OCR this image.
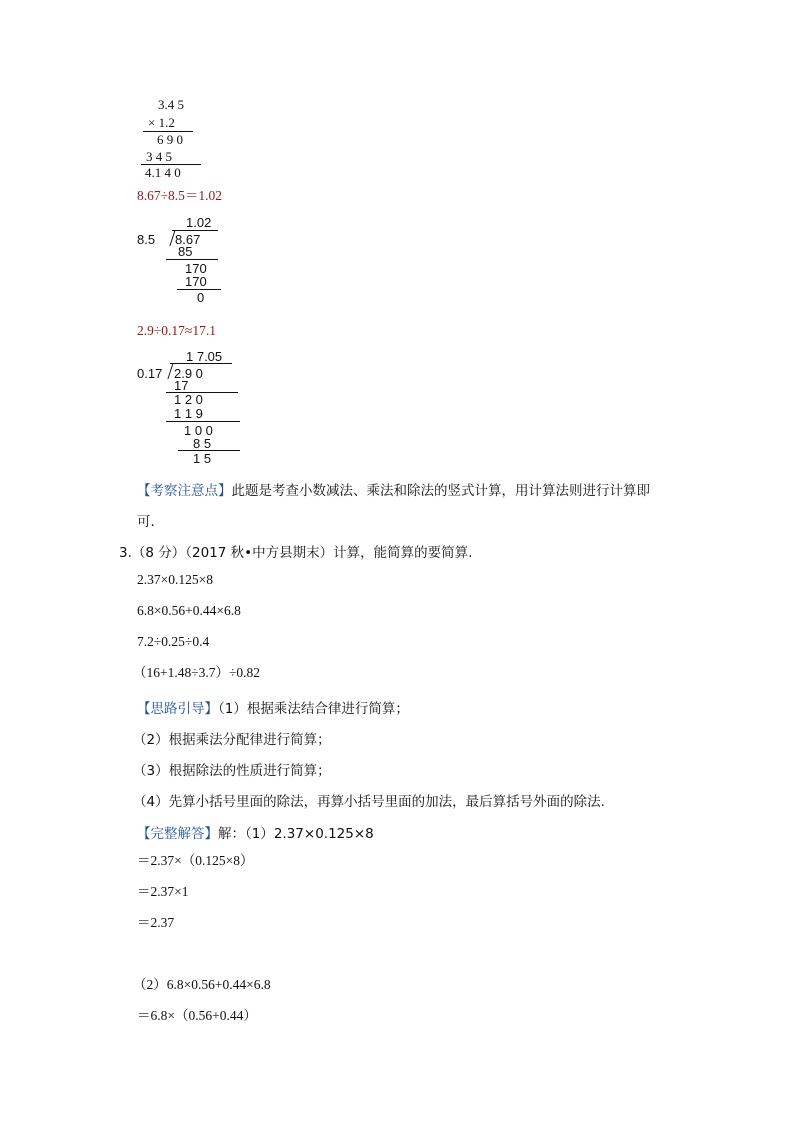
3.4 5
× 1.2
6 9 0
3 4 5
4.1 4 0
8.67÷8.5＝1.02
1.02
8.5 8.67
85
170
170
0
2.9÷0.17≈17.1
1 7.05
0.17 2.9 0
17
1 2 0
1 1 9
1 0 0
8 5
1 5
【考察注意点】此题是考查小数减法、乘法和除法的竖式计算，用计算法则进行计算即
可.
3.（8 分）（2017 秋•中方县期末）计算，能简算的要简算.
2.37×0.125×8
6.8×0.56+0.44×6.8
7.2÷0.25÷0.4
（16+1.48÷3.7）÷0.82
【思路引导】（1）根据乘法结合律进行简算；
（2）根据乘法分配律进行简算；
（3）根据除法的性质进行简算；
（4）先算小括号里面的除法，再算小括号里面的加法，最后算括号外面的除法.
【完整解答】解：（1）2.37×0.125×8
＝2.37×（0.125×8）
＝2.37×1
＝2.37
（2）6.8×0.56+0.44×6.8
＝6.8×（0.56+0.44）
